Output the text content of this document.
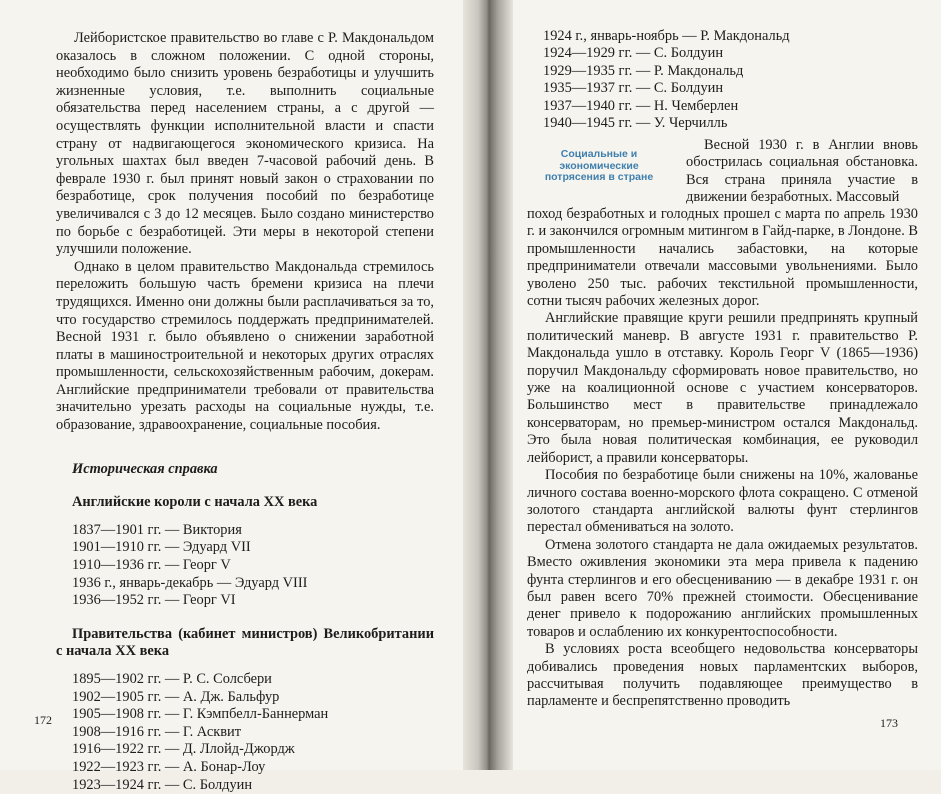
Лейбористское правительство во главе с Р. Макдональдом оказалось в сложном положении. С одной стороны, необходимо было снизить уровень безработицы и улучшить жизненные условия, т.е. выполнить социальные обязательства перед населением страны, а с другой — осуществлять функции исполнительной власти и спасти страну от надвигающегося экономического кризиса. На угольных шахтах был введен 7-часовой рабочий день. В феврале 1930 г. был принят новый закон о страховании по безработице, срок получения пособий по безработице увеличивался с 3 до 12 месяцев. Было создано министерство по борьбе с безработицей. Эти меры в некоторой степени улучшили положение.

Однако в целом правительство Макдональда стремилось переложить большую часть бремени кризиса на плечи трудящихся. Именно они должны были расплачиваться за то, что государство стремилось поддержать предпринимателей. Весной 1931 г. было объявлено о снижении заработной платы в машиностроительной и некоторых других отраслях промышленности, сельскохозяйственным рабочим, докерам. Английские предприниматели требовали от правительства значительно урезать расходы на социальные нужды, т.е. образование, здравоохранение, социальные пособия.

Историческая справка
Английские короли с начала ХХ века
1837—1901 гг. — Виктория
1901—1910 гг. — Эдуард VII
1910—1936 гг. — Георг V
1936 г., январь-декабрь — Эдуард VIII
1936—1952 гг. — Георг VI
Правительства (кабинет министров) Великобритании с начала ХХ века
1895—1902 гг. — Р. С. Солсбери
1902—1905 гг. — А. Дж. Бальфур
1905—1908 гг. — Г. Кэмпбелл-Баннерман
1908—1916 гг. — Г. Асквит
1916—1922 гг. — Д. Ллойд-Джордж
1922—1923 гг. — А. Бонар-Лоу
1923—1924 гг. — С. Болдуин
172
1924 г., январь-ноябрь — Р. Макдональд
1924—1929 гг. — С. Болдуин
1929—1935 гг. — Р. Макдональд
1935—1937 гг. — С. Болдуин
1937—1940 гг. — Н. Чемберлен
1940—1945 гг. — У. Черчилль
Социальные и экономические потрясения в стране

Весной 1930 г. в Англии вновь обострилась социальная обстановка. Вся страна приняла участие в движении безработных. Массовый

поход безработных и голодных прошел с марта по апрель 1930 г. и закончился огромным митингом в Гайд-парке, в Лондоне. В промышленности начались забастовки, на которые предприниматели отвечали массовыми увольнениями. Было уволено 250 тыс. рабочих текстильной промышленности, сотни тысяч рабочих железных дорог.

Английские правящие круги решили предпринять крупный политический маневр. В августе 1931 г. правительство Р. Макдональда ушло в отставку. Король Георг V (1865—1936) поручил Макдональду сформировать новое правительство, но уже на коалиционной основе с участием консерваторов. Большинство мест в правительстве принадлежало консерваторам, но премьер-министром остался Макдональд. Это была новая политическая комбинация, ее руководил лейборист, а правили консерваторы.

Пособия по безработице были снижены на 10%, жалованье личного состава военно-морского флота сокращено. С отменой золотого стандарта английской валюты фунт стерлингов перестал обмениваться на золото.

Отмена золотого стандарта не дала ожидаемых результатов. Вместо оживления экономики эта мера привела к падению фунта стерлингов и его обесцениванию — в декабре 1931 г. он был равен всего 70% прежней стоимости. Обесценивание денег привело к подорожанию английских промышленных товаров и ослаблению их конкурентоспособности.

В условиях роста всеобщего недовольства консерваторы добивались проведения новых парламентских выборов, рассчитывая получить подавляющее преимущество в парламенте и беспрепятственно проводить

173
